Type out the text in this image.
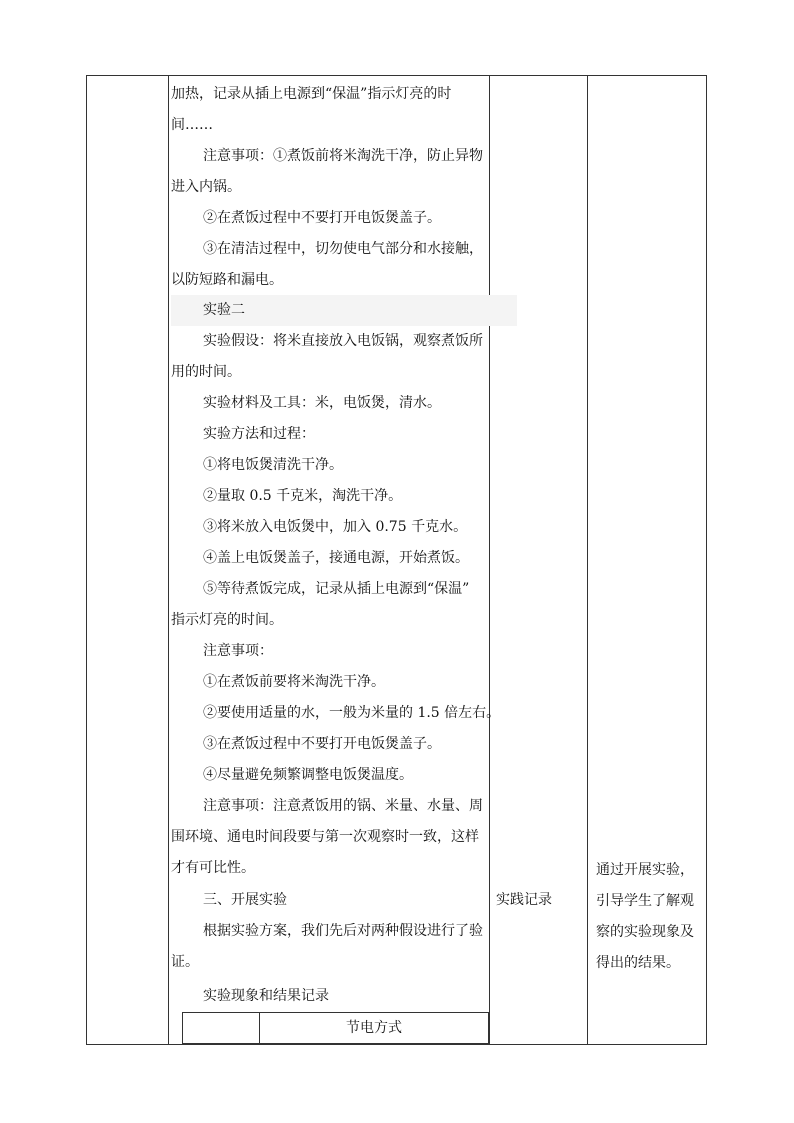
加热，记录从插上电源到“保温”指示灯亮的时
间……
注意事项：①煮饭前将米淘洗干净，防止异物
进入内锅。
②在煮饭过程中不要打开电饭煲盖子。
③在清洁过程中，切勿使电气部分和水接触，
以防短路和漏电。
实验二
实验假设：将米直接放入电饭锅，观察煮饭所
用的时间。
实验材料及工具：米，电饭煲，清水。
实验方法和过程：
①将电饭煲清洗干净。
②量取 0.5 千克米，淘洗干净。
③将米放入电饭煲中，加入 0.75 千克水。
④盖上电饭煲盖子，接通电源，开始煮饭。
⑤等待煮饭完成，记录从插上电源到“保温”
指示灯亮的时间。
注意事项：
①在煮饭前要将米淘洗干净。
②要使用适量的水，一般为米量的 1.5 倍左右。
③在煮饭过程中不要打开电饭煲盖子。
④尽量避免频繁调整电饭煲温度。
注意事项：注意煮饭用的锅、米量、水量、周
围环境、通电时间段要与第一次观察时一致，这样
才有可比性。
三、开展实验
根据实验方案，我们先后对两种假设进行了验
证。
实验现象和结果记录
实践记录
通过开展实验，
引导学生了解观
察的实验现象及
得出的结果。
节电方式
